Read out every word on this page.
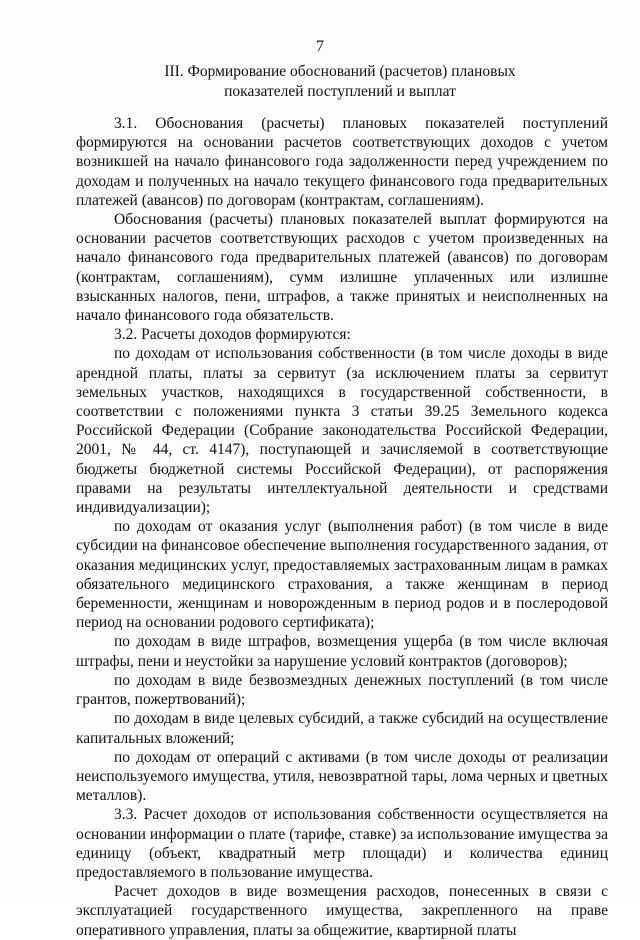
7
III. Формирование обоснований (расчетов) плановых показателей поступлений и выплат

3.1. Обоснования (расчеты) плановых показателей поступлений формируются на основании расчетов соответствующих доходов с учетом возникшей на начало финансового года задолженности перед учреждением по доходам и полученных на начало текущего финансового года предварительных платежей (авансов) по договорам (контрактам, соглашениям).

Обоснования (расчеты) плановых показателей выплат формируются на основании расчетов соответствующих расходов с учетом произведенных на начало финансового года предварительных платежей (авансов) по договорам (контрактам, соглашениям), сумм излишне уплаченных или излишне взысканных налогов, пени, штрафов, а также принятых и неисполненных на начало финансового года обязательств.

3.2. Расчеты доходов формируются:

по доходам от использования собственности (в том числе доходы в виде арендной платы, платы за сервитут (за исключением платы за сервитут земельных участков, находящихся в государственной собственности, в соответствии с положениями пункта 3 статьи 39.25 Земельного кодекса Российской Федерации (Собрание законодательства Российской Федерации, 2001, № 44, ст. 4147), поступающей и зачисляемой в соответствующие бюджеты бюджетной системы Российской Федерации), от распоряжения правами на результаты интеллектуальной деятельности и средствами индивидуализации);

по доходам от оказания услуг (выполнения работ) (в том числе в виде субсидии на финансовое обеспечение выполнения государственного задания, от оказания медицинских услуг, предоставляемых застрахованным лицам в рамках обязательного медицинского страхования, а также женщинам в период беременности, женщинам и новорожденным в период родов и в послеродовой период на основании родового сертификата);

по доходам в виде штрафов, возмещения ущерба (в том числе включая штрафы, пени и неустойки за нарушение условий контрактов (договоров);

по доходам в виде безвозмездных денежных поступлений (в том числе грантов, пожертвований);

по доходам в виде целевых субсидий, а также субсидий на осуществление капитальных вложений;

по доходам от операций с активами (в том числе доходы от реализации неиспользуемого имущества, утиля, невозвратной тары, лома черных и цветных металлов).

3.3. Расчет доходов от использования собственности осуществляется на основании информации о плате (тарифе, ставке) за использование имущества за единицу (объект, квадратный метр площади) и количества единиц предоставляемого в пользование имущества.

Расчет доходов в виде возмещения расходов, понесенных в связи с эксплуатацией государственного имущества, закрепленного на праве оперативного управления, платы за общежитие, квартирной платы
